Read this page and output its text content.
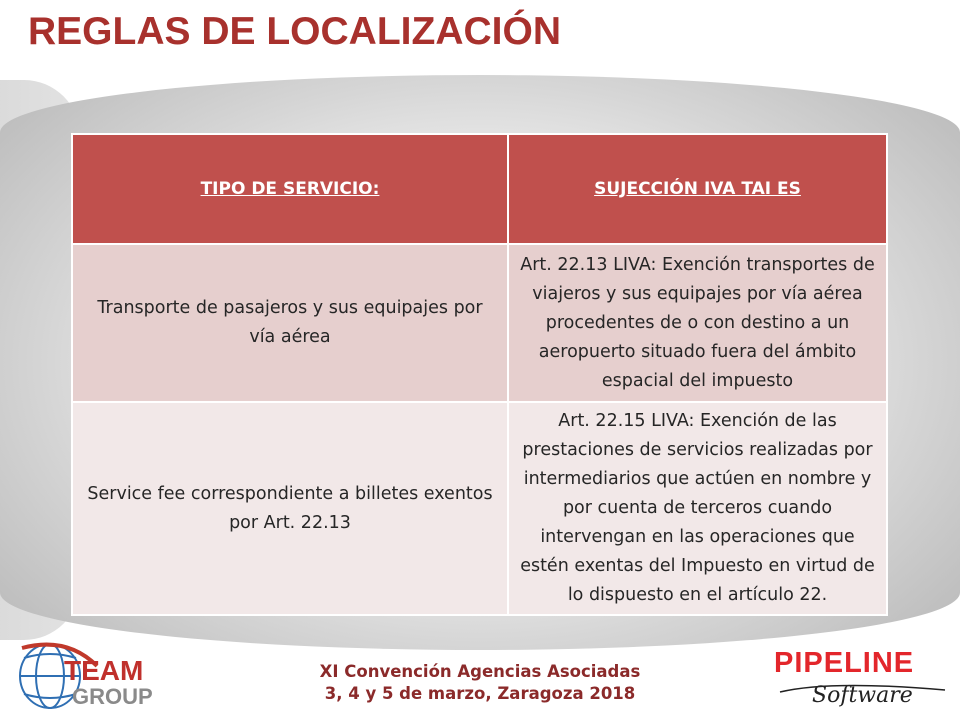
REGLAS DE LOCALIZACIÓN
TIPO DE SERVICIO:	SUJECCIÓN IVA TAI ES
Transporte de pasajeros y sus equipajes por vía aérea	Art. 22.13 LIVA: Exención transportes de viajeros y sus equipajes por vía aérea procedentes de o con destino a un aeropuerto situado fuera del ámbito espacial del impuesto
Service fee correspondiente a billetes exentos por Art. 22.13	Art. 22.15 LIVA: Exención de las prestaciones de servicios realizadas por intermediarios que actúen en nombre y por cuenta de terceros cuando intervengan en las operaciones que estén exentas del Impuesto en virtud de lo dispuesto en el artículo 22.
TEAM
GROUP
XI Convención Agencias Asociadas
3, 4 y 5 de marzo, Zaragoza 2018
PIPELINE
Software
